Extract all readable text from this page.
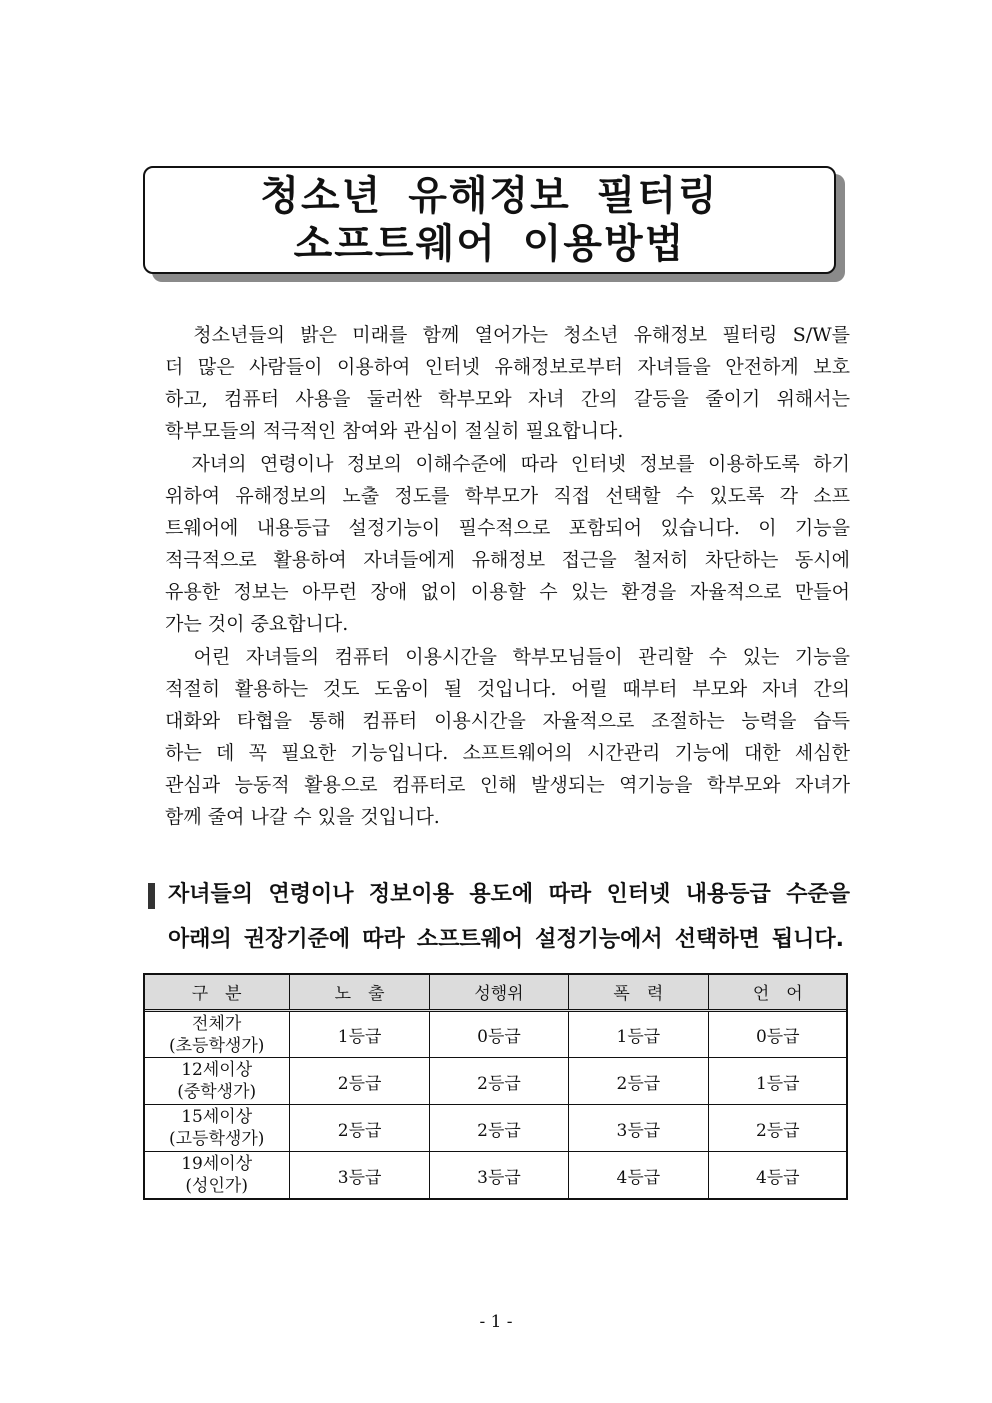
청소년 유해정보 필터링
소프트웨어 이용방법
　청소년들의 밝은 미래를 함께 열어가는 청소년 유해정보 필터링 S/W를
더 많은 사람들이 이용하여 인터넷 유해정보로부터 자녀들을 안전하게 보호
하고, 컴퓨터 사용을 둘러싼 학부모와 자녀 간의 갈등을 줄이기 위해서는
학부모들의 적극적인 참여와 관심이 절실히 필요합니다.
　자녀의 연령이나 정보의 이해수준에 따라 인터넷 정보를 이용하도록 하기
위하여 유해정보의 노출 정도를 학부모가 직접 선택할 수 있도록 각 소프
트웨어에 내용등급 설정기능이 필수적으로 포함되어 있습니다. 이 기능을
적극적으로 활용하여 자녀들에게 유해정보 접근을 철저히 차단하는 동시에
유용한 정보는 아무런 장애 없이 이용할 수 있는 환경을 자율적으로 만들어
가는 것이 중요합니다.
　어린 자녀들의 컴퓨터 이용시간을 학부모님들이 관리할 수 있는 기능을
적절히 활용하는 것도 도움이 될 것입니다. 어릴 때부터 부모와 자녀 간의
대화와 타협을 통해 컴퓨터 이용시간을 자율적으로 조절하는 능력을 습득
하는 데 꼭 필요한 기능입니다. 소프트웨어의 시간관리 기능에 대한 세심한
관심과 능동적 활용으로 컴퓨터로 인해 발생되는 역기능을 학부모와 자녀가
함께 줄여 나갈 수 있을 것입니다.
자녀들의 연령이나 정보이용 용도에 따라 인터넷 내용등급 수준을
아래의 권장기준에 따라 소프트웨어 설정기능에서 선택하면 됩니다.
구　분	노　출	성행위	폭　력	언　어

전체가
(초등학생가)	1등급	0등급	1등급	0등급

12세이상
(중학생가)	2등급	2등급	2등급	1등급

15세이상
(고등학생가)	2등급	2등급	3등급	2등급

19세이상
(성인가)	3등급	3등급	4등급	4등급
- 1 -
